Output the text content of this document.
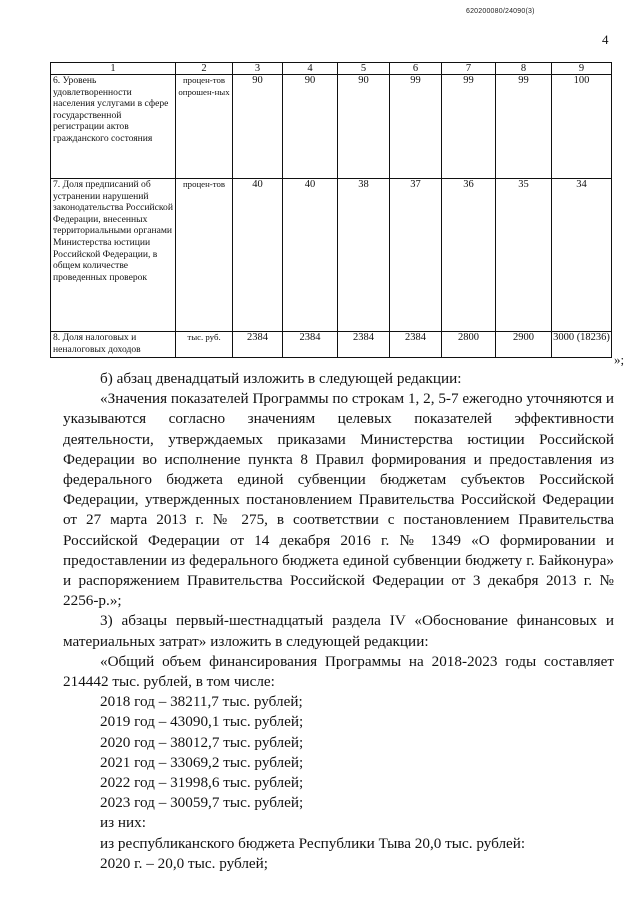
620200080/24090(3)
4
1	2	3	4	5	6	7	8	9
6. Уровень удовлетворенности населения услугами в сфере государственной регистрации актов гражданского состояния	процен-тов опрошен-ных	90	90	90	99	99	99	100
7. Доля предписаний об устранении нарушений законодательства Российской Федерации, внесенных территориальными органами Министерства юстиции Российской Федерации, в общем количестве проведенных проверок	процен-тов	40	40	38	37	36	35	34
8. Доля налоговых и неналоговых доходов	тыс. руб.	2384	2384	2384	2384	2800	2900	3000 (18236)
»;

б) абзац двенадцатый изложить в следующей редакции:

«Значения показателей Программы по строкам 1, 2, 5-7 ежегодно уточняются и указываются согласно значениям целевых показателей эффективности деятельности, утверждаемых приказами Министерства юстиции Российской Федерации во исполнение пункта 8 Правил формирования и предоставления из федерального бюджета единой субвенции бюджетам субъектов Российской Федерации, утвержденных постановлением Правительства Российской Федерации от 27 марта 2013 г. № 275, в соответствии с постановлением Правительства Российской Федерации от 14 декабря 2016 г. № 1349 «О формировании и предоставлении из федерального бюджета единой субвенции бюджету г. Байконура» и распоряжением Правительства Российской Федерации от 3 декабря 2013 г. № 2256-р.»;

3) абзацы первый-шестнадцатый раздела IV «Обоснование финансовых и материальных затрат» изложить в следующей редакции:

«Общий объем финансирования Программы на 2018-2023 годы составляет 214442 тыс. рублей, в том числе:

2018 год – 38211,7 тыс. рублей;

2019 год – 43090,1 тыс. рублей;

2020 год – 38012,7 тыс. рублей;

2021 год – 33069,2 тыс. рублей;

2022 год – 31998,6 тыс. рублей;

2023 год – 30059,7 тыс. рублей;

из них:

из республиканского бюджета Республики Тыва 20,0 тыс. рублей:

2020 г. – 20,0 тыс. рублей;
